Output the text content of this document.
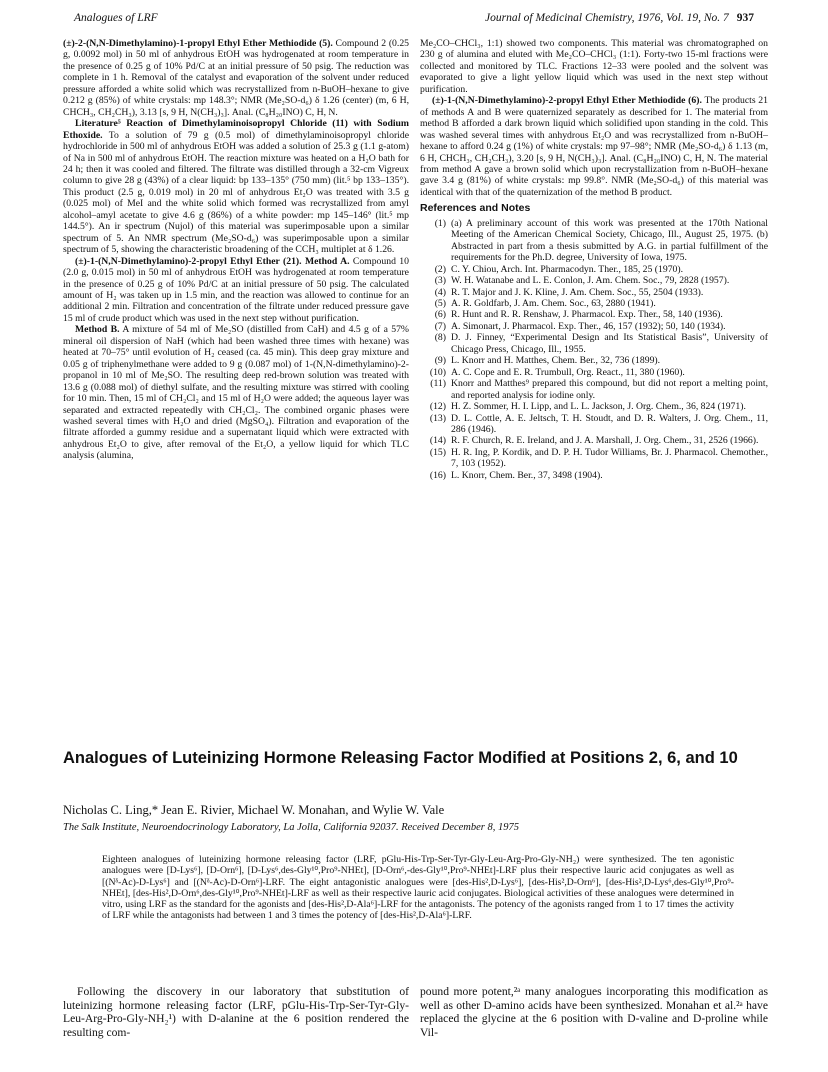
Analogues of LRF	Journal of Medicinal Chemistry, 1976, Vol. 19, No. 7 937

(±)-2-(N,N-Dimethylamino)-1-propyl Ethyl Ether Methiodide (5). Compound 2 (0.25 g, 0.0092 mol) in 50 ml of anhydrous EtOH was hydrogenated at room temperature in the presence of 0.25 g of 10% Pd/C at an initial pressure of 50 psig. The reduction was complete in 1 h. Removal of the catalyst and evaporation of the solvent under reduced pressure afforded a white solid which was recrystallized from n-BuOH–hexane to give 0.212 g (85%) of white crystals: mp 148.3°; NMR (Me₂SO-d₆) δ 1.26 (center) (m, 6 H, CHCH₃, CH₂CH₃), 3.13 [s, 9 H, N(CH₃)₃]. Anal. (C₈H₂₀INO) C, H, N.

Literature⁵ Reaction of Dimethylaminoisopropyl Chloride (11) with Sodium Ethoxide. To a solution of 79 g (0.5 mol) of dimethylaminoisopropyl chloride hydrochloride in 500 ml of anhydrous EtOH was added a solution of 25.3 g (1.1 g-atom) of Na in 500 ml of anhydrous EtOH. The reaction mixture was heated on a H₂O bath for 24 h; then it was cooled and filtered. The filtrate was distilled through a 32-cm Vigreux column to give 28 g (43%) of a clear liquid: bp 133–135° (750 mm) (lit.⁵ bp 133–135°). This product (2.5 g, 0.019 mol) in 20 ml of anhydrous Et₂O was treated with 3.5 g (0.025 mol) of MeI and the white solid which formed was recrystallized from amyl alcohol–amyl acetate to give 4.6 g (86%) of a white powder: mp 145–146° (lit.⁵ mp 144.5°). An ir spectrum (Nujol) of this material was superimposable upon a similar spectrum of 5. An NMR spectrum (Me₂SO-d₆) was superimposable upon a similar spectrum of 5, showing the characteristic broadening of the CCH₃ multiplet at δ 1.26.

(±)-1-(N,N-Dimethylamino)-2-propyl Ethyl Ether (21). Method A. Compound 10 (2.0 g, 0.015 mol) in 50 ml of anhydrous EtOH was hydrogenated at room temperature in the presence of 0.25 g of 10% Pd/C at an initial pressure of 50 psig. The calculated amount of H₂ was taken up in 1.5 min, and the reaction was allowed to continue for an additional 2 min. Filtration and concentration of the filtrate under reduced pressure gave 15 ml of crude product which was used in the next step without purification.

Method B. A mixture of 54 ml of Me₂SO (distilled from CaH) and 4.5 g of a 57% mineral oil dispersion of NaH (which had been washed three times with hexane) was heated at 70–75° until evolution of H₂ ceased (ca. 45 min). This deep gray mixture and 0.05 g of triphenylmethane were added to 9 g (0.087 mol) of 1-(N,N-dimethylamino)-2-propanol in 10 ml of Me₂SO. The resulting deep red-brown solution was treated with 13.6 g (0.088 mol) of diethyl sulfate, and the resulting mixture was stirred with cooling for 10 min. Then, 15 ml of CH₂Cl₂ and 15 ml of H₂O were added; the aqueous layer was separated and extracted repeatedly with CH₂Cl₂. The combined organic phases were washed several times with H₂O and dried (MgSO₄). Filtration and evaporation of the filtrate afforded a gummy residue and a supernatant liquid which were extracted with anhydrous Et₂O to give, after removal of the Et₂O, a yellow liquid for which TLC analysis (alumina,

Me₂CO–CHCl₃, 1:1) showed two components. This material was chromatographed on 230 g of alumina and eluted with Me₂CO–CHCl₃ (1:1). Forty-two 15-ml fractions were collected and monitored by TLC. Fractions 12–33 were pooled and the solvent was evaporated to give a light yellow liquid which was used in the next step without purification.

(±)-1-(N,N-Dimethylamino)-2-propyl Ethyl Ether Methiodide (6). The products 21 of methods A and B were quaternized separately as described for 1. The material from method B afforded a dark brown liquid which solidified upon standing in the cold. This was washed several times with anhydrous Et₂O and was recrystallized from n-BuOH–hexane to afford 0.24 g (1%) of white crystals: mp 97–98°; NMR (Me₂SO-d₆) δ 1.13 (m, 6 H, CHCH₃, CH₂CH₃), 3.20 [s, 9 H, N(CH₃)₃]. Anal. (C₈H₂₀INO) C, H, N. The material from method A gave a brown solid which upon recrystallization from n-BuOH–hexane gave 3.4 g (81%) of white crystals: mp 99.8°. NMR (Me₂SO-d₆) of this material was identical with that of the quaternization of the method B product.

References and Notes
(1) (a) A preliminary account of this work was presented at the 170th National Meeting of the American Chemical Society, Chicago, Ill., August 25, 1975. (b) Abstracted in part from a thesis submitted by A.G. in partial fulfillment of the requirements for the Ph.D. degree, University of Iowa, 1975.
(2) C. Y. Chiou, Arch. Int. Pharmacodyn. Ther., 185, 25 (1970).
(3) W. H. Watanabe and L. E. Conlon, J. Am. Chem. Soc., 79, 2828 (1957).
(4) R. T. Major and J. K. Kline, J. Am. Chem. Soc., 55, 2504 (1933).
(5) A. R. Goldfarb, J. Am. Chem. Soc., 63, 2880 (1941).
(6) R. Hunt and R. R. Renshaw, J. Pharmacol. Exp. Ther., 58, 140 (1936).
(7) A. Simonart, J. Pharmacol. Exp. Ther., 46, 157 (1932); 50, 140 (1934).
(8) D. J. Finney, “Experimental Design and Its Statistical Basis”, University of Chicago Press, Chicago, Ill., 1955.
(9) L. Knorr and H. Matthes, Chem. Ber., 32, 736 (1899).
(10) A. C. Cope and E. R. Trumbull, Org. React., 11, 380 (1960).
(11) Knorr and Matthes⁹ prepared this compound, but did not report a melting point, and reported analysis for iodine only.
(12) H. Z. Sommer, H. I. Lipp, and L. L. Jackson, J. Org. Chem., 36, 824 (1971).
(13) D. L. Cottle, A. E. Jeltsch, T. H. Stoudt, and D. R. Walters, J. Org. Chem., 11, 286 (1946).
(14) R. F. Church, R. E. Ireland, and J. A. Marshall, J. Org. Chem., 31, 2526 (1966).
(15) H. R. Ing, P. Kordik, and D. P. H. Tudor Williams, Br. J. Pharmacol. Chemother., 7, 103 (1952).
(16) L. Knorr, Chem. Ber., 37, 3498 (1904).
Analogues of Luteinizing Hormone Releasing Factor Modified at Positions 2, 6, and 10
Nicholas C. Ling,* Jean E. Rivier, Michael W. Monahan, and Wylie W. Vale
The Salk Institute, Neuroendocrinology Laboratory, La Jolla, California 92037. Received December 8, 1975
Eighteen analogues of luteinizing hormone releasing factor (LRF, pGlu-His-Trp-Ser-Tyr-Gly-Leu-Arg-Pro-Gly-NH₂) were synthesized. The ten agonistic analogues were [D-Lys⁶], [D-Orn⁶], [D-Lys⁶,des-Gly¹⁰,Pro⁹-NHEt], [D-Orn⁶,-des-Gly¹⁰,Pro⁹-NHEt]-LRF plus their respective lauric acid conjugates as well as [(Nᵟ-Ac)-D-Lys⁶] and [(Nᵟ-Ac)-D-Orn⁶]-LRF. The eight antagonistic analogues were [des-His²,D-Lys⁶], [des-His²,D-Orn⁶], [des-His²,D-Lys⁶,des-Gly¹⁰,Pro⁹-NHEt], [des-His²,D-Orn⁶,des-Gly¹⁰,Pro⁹-NHEt]-LRF as well as their respective lauric acid conjugates. Biological activities of these analogues were determined in vitro, using LRF as the standard for the agonists and [des-His²,D-Ala⁶]-LRF for the antagonists. The potency of the agonists ranged from 1 to 17 times the activity of LRF while the antagonists had between 1 and 3 times the potency of [des-His²,D-Ala⁶]-LRF.

Following the discovery in our laboratory that substitution of luteinizing hormone releasing factor (LRF, pGlu-His-Trp-Ser-Tyr-Gly-Leu-Arg-Pro-Gly-NH₂¹) with D-alanine at the 6 position rendered the resulting com-

pound more potent,²ᵃ many analogues incorporating this modification as well as other D-amino acids have been synthesized. Monahan et al.²ᵃ have replaced the glycine at the 6 position with D-valine and D-proline while Vil-
